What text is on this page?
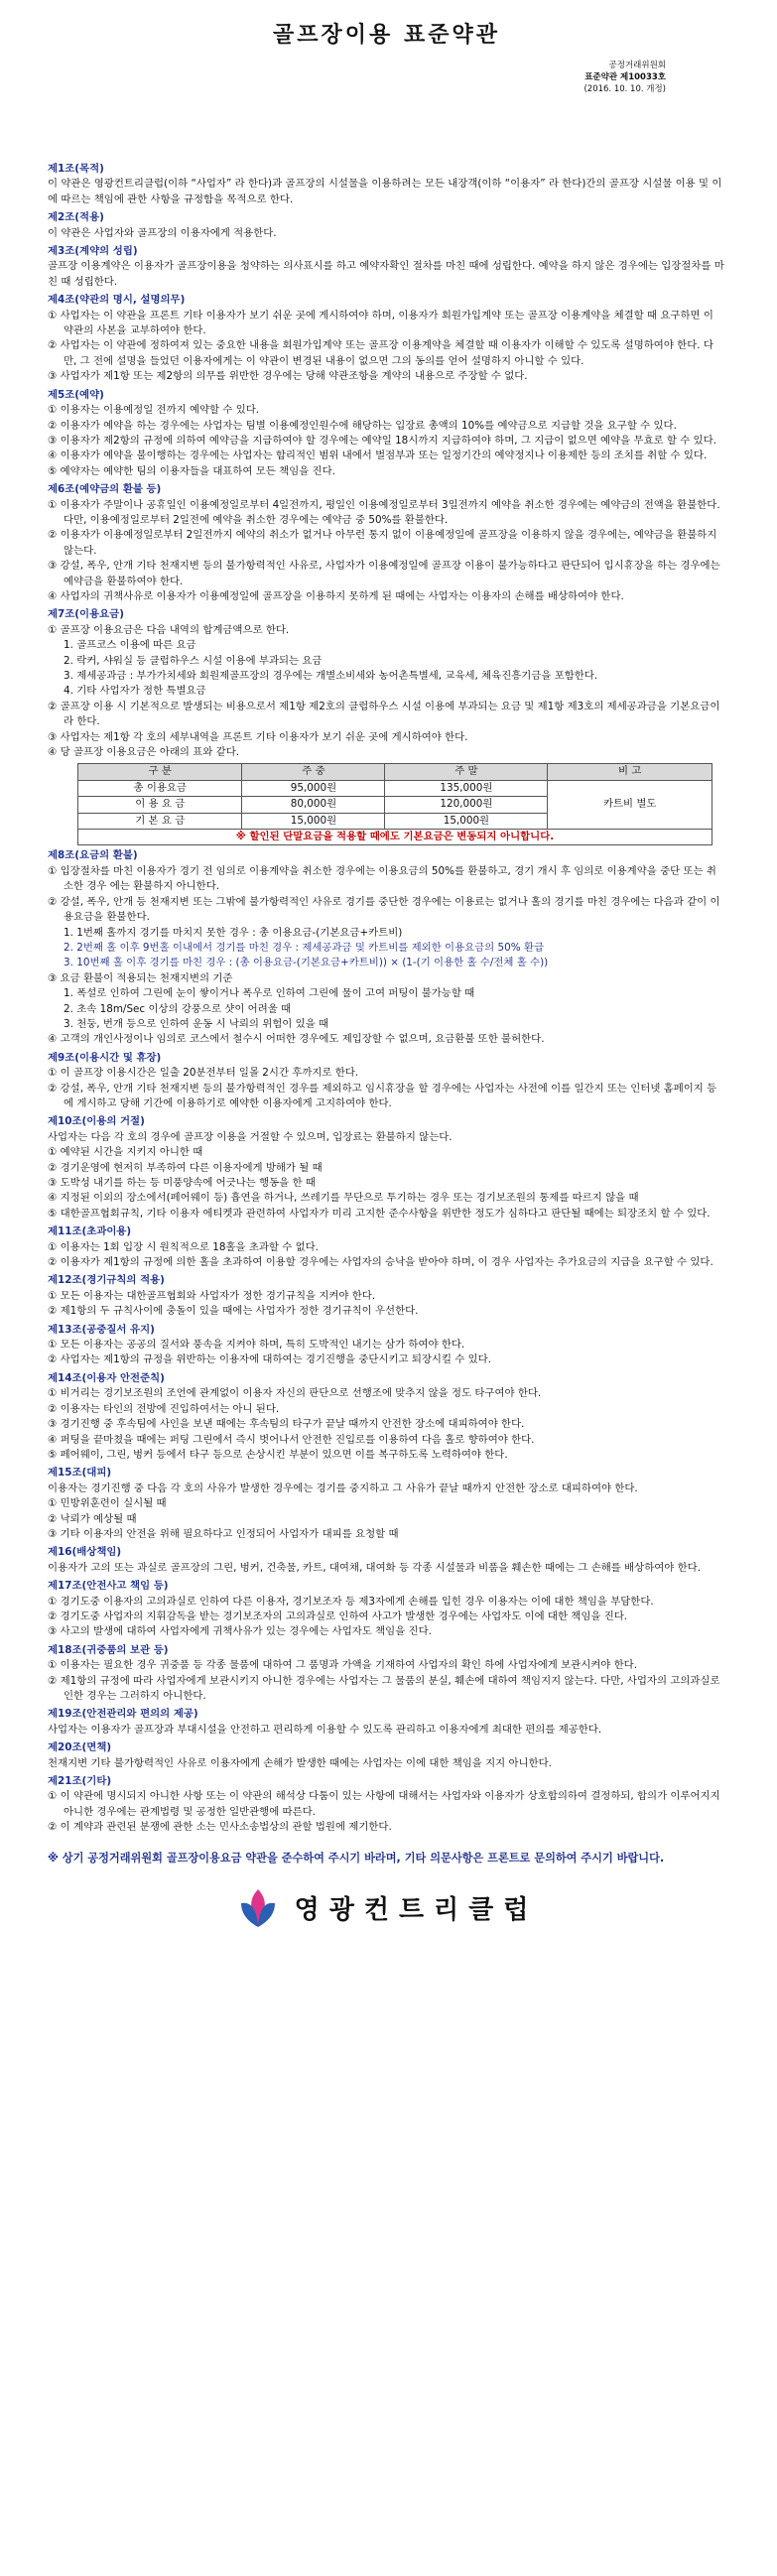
골프장이용 표준약관
공정거래위원회
표준약관 제10033호
(2016. 10. 10. 개정)
제1조(목적)
이 약관은 영광컨트리클럽(이하 “사업자” 라 한다)과 골프장의 시설물을 이용하려는 모든 내장객(이하 “이용자” 라 한다)간의 골프장 시설물 이용 및 이에 따르는 책임에 관한 사항을 규정함을 목적으로 한다.
제2조(적용)
이 약관은 사업자와 골프장의 이용자에게 적용한다.
제3조(계약의 성립)
골프장 이용계약은 이용자가 골프장이용을 청약하는 의사표시를 하고 예약자확인 절차를 마친 때에 성립한다. 예약을 하지 않은 경우에는 입장절차를 마친 때 성립한다.
제4조(약관의 명시, 설명의무)
① 사업자는 이 약관을 프론트 기타 이용자가 보기 쉬운 곳에 게시하여야 하며, 이용자가 회원가입계약 또는 골프장 이용계약을 체결할 때 요구하면 이 약관의 사본을 교부하여야 한다.
② 사업자는 이 약관에 정하여져 있는 중요한 내용을 회원가입계약 또는 골프장 이용계약을 체결할 때 이용자가 이해할 수 있도록 설명하여야 한다. 다만, 그 전에 설명을 들었던 이용자에게는 이 약관이 변경된 내용이 없으면 그의 동의를 얻어 설명하지 아니할 수 있다.
③ 사업자가 제1항 또는 제2항의 의무를 위반한 경우에는 당해 약관조항을 계약의 내용으로 주장할 수 없다.
제5조(예약)
① 이용자는 이용예정일 전까지 예약할 수 있다.
② 이용자가 예약을 하는 경우에는 사업자는 팀별 이용예정인원수에 해당하는 입장료 총액의 10%를 예약금으로 지급할 것을 요구할 수 있다.
③ 이용자가 제2항의 규정에 의하여 예약금을 지급하여야 할 경우에는 예약일 18시까지 지급하여야 하며, 그 지급이 없으면 예약을 무효로 할 수 있다.
④ 이용자가 예약을 불이행하는 경우에는 사업자는 합리적인 범위 내에서 벌점부과 또는 일정기간의 예약정지나 이용제한 등의 조치를 취할 수 있다.
⑤ 예약자는 예약한 팀의 이용자들을 대표하여 모든 책임을 진다.
제6조(예약금의 환불 등)
① 이용자가 주말이나 공휴일인 이용예정일로부터 4일전까지, 평일인 이용예정일로부터 3일전까지 예약을 취소한 경우에는 예약금의 전액을 환불한다. 다만, 이용예정일로부터 2일전에 예약을 취소한 경우에는 예약금 중 50%를 환불한다.
② 이용자가 이용예정일로부터 2일전까지 예약의 취소가 없거나 아무런 통지 없이 이용예정일에 골프장을 이용하지 않을 경우에는, 예약금을 환불하지 않는다.
③ 강설, 폭우, 안개 기타 천재지변 등의 불가항력적인 사유로, 사업자가 이용예정일에 골프장 이용이 불가능하다고 판단되어 입시휴장을 하는 경우에는 예약금을 환불하여야 한다.
④ 사업자의 귀책사유로 이용자가 이용예정일에 골프장을 이용하지 못하게 된 때에는 사업자는 이용자의 손해를 배상하여야 한다.
제7조(이용요금)
① 골프장 이용요금은 다음 내역의 합계금액으로 한다.
1. 골프코스 이용에 따른 요금
2. 락커, 샤워실 등 클럽하우스 시설 이용에 부과되는 요금
3. 제세공과금 : 부가가치세와 회원제골프장의 경우에는 개별소비세와 농어촌특별세, 교육세, 체육진흥기금을 포함한다.
4. 기타 사업자가 정한 특별요금
② 골프장 이용 시 기본적으로 발생되는 비용으로서 제1항 제2호의 클럽하우스 시설 이용에 부과되는 요금 및 제1항 제3호의 제세공과금을 기본요금이라 한다.
③ 사업자는 제1항 각 호의 세부내역을 프론트 기타 이용자가 보기 쉬운 곳에 게시하여야 한다.
④ 당 골프장 이용요금은 아래의 표와 같다.
구 분	주 중	주 말	비 고
총 이용요금	95,000원	135,000원	카트비 별도
이 용 요 금	80,000원	120,000원	
기 본 요 금	15,000원	15,000원	
※ 할인된 단말요금을 적용할 때에도 기본요금은 변동되지 아니합니다.			
제8조(요금의 환불)
① 입장절차를 마친 이용자가 경기 전 임의로 이용계약을 취소한 경우에는 이용요금의 50%를 환불하고, 경기 개시 후 임의로 이용계약을 중단 또는 취소한 경우 에는 환불하지 아니한다.
② 강설, 폭우, 안개 등 천재지변 또는 그밖에 불가항력적인 사유로 경기를 중단한 경우에는 이용료는 없거나 홀의 경기를 마친 경우에는 다음과 같이 이용요금을 환불한다.
1. 1번째 홀까지 경기를 마치지 못한 경우 : 총 이용요금-(기본요금+카트비)
2. 2번째 홀 이후 9번홀 이내에서 경기를 마친 경우 : 제세공과금 및 카트비를 제외한 이용요금의 50% 환급
3. 10번째 홀 이후 경기를 마친 경우 : (총 이용요금-(기본요금+카트비)) × (1-(기 이용한 홀 수/전체 홀 수))
③ 요금 환불이 적용되는 천재지변의 기준
1. 폭설로 인하여 그린에 눈이 쌓이거나 폭우로 인하여 그린에 물이 고여 퍼팅이 불가능할 때
2. 초속 18m/Sec 이상의 강풍으로 샷이 어려울 때
3. 천둥, 번개 등으로 인하여 운동 시 낙뢰의 위험이 있을 때
④ 고객의 개인사정이나 임의로 코스에서 철수시 어떠한 경우에도 제입장할 수 없으며, 요금환불 또한 불허한다.
제9조(이용시간 및 휴장)
① 이 골프장 이용시간은 일출 20분전부터 일몰 2시간 후까지로 한다.
② 강설, 폭우, 안개 기타 천재지변 등의 불가항력적인 경우를 제외하고 임시휴장을 할 경우에는 사업자는 사전에 이를 일간지 또는 인터넷 홈페이지 등에 게시하고 당해 기간에 이용하기로 예약한 이용자에게 고지하여야 한다.
제10조(이용의 거절)
사업자는 다음 각 호의 경우에 골프장 이용을 거절할 수 있으며, 입장료는 환불하지 않는다.
① 예약된 시간을 지키지 아니한 때
② 경기운영에 현저히 부족하여 다른 이용자에게 방해가 될 때
③ 도박성 내기를 하는 등 미풍양속에 어긋나는 행동을 한 때
④ 지정된 이외의 장소에서(페어웨이 등) 흡연을 하거나, 쓰레기를 무단으로 투기하는 경우 또는 경기보조원의 통제를 따르지 않을 때
⑤ 대한골프협회규칙, 기타 이용자 에티켓과 관련하여 사업자가 미리 고지한 준수사항을 위반한 정도가 심하다고 판단될 때에는 퇴장조치 할 수 있다.
제11조(초과이용)
① 이용자는 1회 입장 시 원칙적으로 18홀을 초과할 수 없다.
② 이용자가 제1항의 규정에 의한 홀을 초과하여 이용할 경우에는 사업자의 승낙을 받아야 하며, 이 경우 사업자는 추가요금의 지급을 요구할 수 있다.
제12조(경기규칙의 적용)
① 모든 이용자는 대한골프협회와 사업자가 정한 경기규칙을 지켜야 한다.
② 제1항의 두 규칙사이에 충돌이 있을 때에는 사업자가 정한 경기규칙이 우선한다.
제13조(공중질서 유지)
① 모든 이용자는 공공의 질서와 풍속을 지켜야 하며, 특히 도박적인 내기는 삼가 하여야 한다.
② 사업자는 제1항의 규정을 위반하는 이용자에 대하여는 경기진행을 중단시키고 퇴장시킬 수 있다.
제14조(이용자 안전준칙)
① 비거리는 경기보조원의 조언에 관계없이 이용자 자신의 판단으로 선행조에 맞추지 않을 정도 타구여야 한다.
② 이용자는 타인의 전방에 진입하여서는 아니 된다.
③ 경기진행 중 후속팀에 사인을 보낸 때에는 후속팀의 타구가 끝날 때까지 안전한 장소에 대피하여야 한다.
④ 퍼팅을 끝마쳤을 때에는 퍼팅 그린에서 즉시 벗어나서 안전한 진입로를 이용하여 다음 홀로 향하여야 한다.
⑤ 페어웨이, 그린, 벙커 등에서 타구 등으로 손상시킨 부분이 있으면 이를 복구하도록 노력하여야 한다.
제15조(대피)
이용자는 경기진행 중 다음 각 호의 사유가 발생한 경우에는 경기를 중지하고 그 사유가 끝날 때까지 안전한 장소로 대피하여야 한다.
① 민방위훈련이 실시될 때
② 낙뢰가 예상될 때
③ 기타 이용자의 안전을 위해 필요하다고 인정되어 사업자가 대피를 요청할 때
제16(배상책임)
이용자가 고의 또는 과실로 골프장의 그린, 벙커, 건축물, 카트, 대여채, 대여화 등 각종 시설물과 비품을 훼손한 때에는 그 손해를 배상하여야 한다.
제17조(안전사고 책임 등)
① 경기도중 이용자의 고의과실로 인하여 다른 이용자, 경기보조자 등 제3자에게 손해를 입힌 경우 이용자는 이에 대한 책임을 부담한다.
② 경기도중 사업자의 지휘감독을 받는 경기보조자의 고의과실로 인하여 사고가 발생한 경우에는 사업자도 이에 대한 책임을 진다.
③ 사고의 발생에 대하여 사업자에게 귀책사유가 있는 경우에는 사업자도 책임을 진다.
제18조(귀중품의 보관 등)
① 이용자는 필요한 경우 귀중품 등 각종 물품에 대하여 그 품명과 가액을 기재하여 사업자의 확인 하에 사업자에게 보관시켜야 한다.
② 제1항의 규정에 따라 사업자에게 보관시키지 아니한 경우에는 사업자는 그 물품의 분실, 훼손에 대하여 책임지지 않는다. 다만, 사업자의 고의과실로 인한 경우는 그러하지 아니한다.
제19조(안전관리와 편의의 제공)
사업자는 이용자가 골프장과 부대시설을 안전하고 편리하게 이용할 수 있도록 관리하고 이용자에게 최대한 편의를 제공한다.
제20조(면책)
천재지변 기타 불가항력적인 사유로 이용자에게 손해가 발생한 때에는 사업자는 이에 대한 책임을 지지 아니한다.
제21조(기타)
① 이 약관에 명시되지 아니한 사항 또는 이 약관의 해석상 다툼이 있는 사항에 대해서는 사업자와 이용자가 상호합의하여 결정하되, 합의가 이루어지지 아니한 경우에는 관계법령 및 공정한 일반관행에 따른다.
② 이 계약과 관련된 분쟁에 관한 소는 민사소송법상의 관할 법원에 제기한다.
※ 상기 공정거래위원회 골프장이용요금 약관을 준수하여 주시기 바라며, 기타 의문사항은 프론트로 문의하여 주시기 바랍니다.
영광컨트리클럽
